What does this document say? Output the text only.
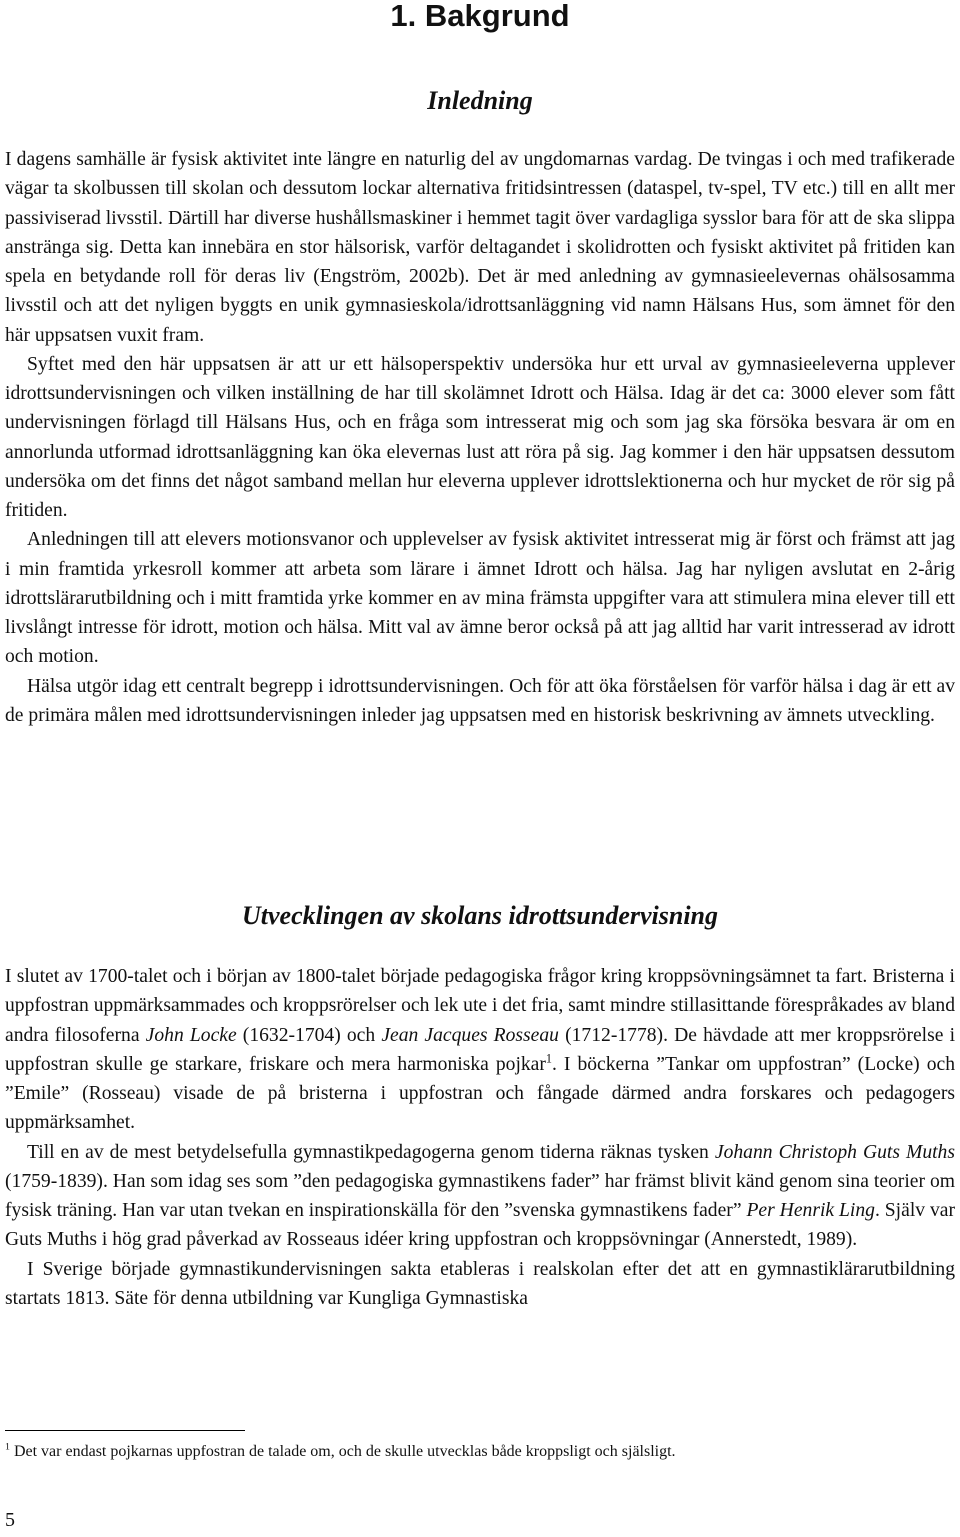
1. Bakgrund
Inledning

I dagens samhälle är fysisk aktivitet inte längre en naturlig del av ungdomarnas vardag. De tvingas i och med trafikerade vägar ta skolbussen till skolan och dessutom lockar alternativa fritidsintressen (dataspel, tv-spel, TV etc.) till en allt mer passiviserad livsstil. Därtill har diverse hushållsmaskiner i hemmet tagit över vardagliga sysslor bara för att de ska slippa anstränga sig. Detta kan innebära en stor hälsorisk, varför deltagandet i skolidrotten och fysiskt aktivitet på fritiden kan spela en betydande roll för deras liv (Engström, 2002b). Det är med anledning av gymnasieelevernas ohälsosamma livsstil och att det nyligen byggts en unik gymnasieskola/idrottsanläggning vid namn Hälsans Hus, som ämnet för den här uppsatsen vuxit fram.

Syftet med den här uppsatsen är att ur ett hälsoperspektiv undersöka hur ett urval av gymnasieeleverna upplever idrottsundervisningen och vilken inställning de har till skolämnet Idrott och Hälsa. Idag är det ca: 3000 elever som fått undervisningen förlagd till Hälsans Hus, och en fråga som intresserat mig och som jag ska försöka besvara är om en annorlunda utformad idrottsanläggning kan öka elevernas lust att röra på sig. Jag kommer i den här uppsatsen dessutom undersöka om det finns det något samband mellan hur eleverna upplever idrottslektionerna och hur mycket de rör sig på fritiden.

Anledningen till att elevers motionsvanor och upplevelser av fysisk aktivitet intresserat mig är först och främst att jag i min framtida yrkesroll kommer att arbeta som lärare i ämnet Idrott och hälsa. Jag har nyligen avslutat en 2-årig idrottslärarutbildning och i mitt framtida yrke kommer en av mina främsta uppgifter vara att stimulera mina elever till ett livslångt intresse för idrott, motion och hälsa. Mitt val av ämne beror också på att jag alltid har varit intresserad av idrott och motion.

Hälsa utgör idag ett centralt begrepp i idrottsundervisningen. Och för att öka förståelsen för varför hälsa i dag är ett av de primära målen med idrottsundervisningen inleder jag uppsatsen med en historisk beskrivning av ämnets utveckling.

Utvecklingen av skolans idrottsundervisning

I slutet av 1700-talet och i början av 1800-talet började pedagogiska frågor kring kroppsövningsämnet ta fart. Bristerna i uppfostran uppmärksammades och kroppsrörelser och lek ute i det fria, samt mindre stillasittande förespråkades av bland andra filosoferna John Locke (1632-1704) och Jean Jacques Rosseau (1712-1778). De hävdade att mer kroppsrörelse i uppfostran skulle ge starkare, friskare och mera harmoniska pojkar$^1$. I böckerna ”Tankar om uppfostran” (Locke) och ”Emile” (Rosseau) visade de på bristerna i uppfostran och fångade därmed andra forskares och pedagogers uppmärksamhet.

Till en av de mest betydelsefulla gymnastikpedagogerna genom tiderna räknas tysken Johann Christoph Guts Muths (1759-1839). Han som idag ses som ”den pedagogiska gymnastikens fader” har främst blivit känd genom sina teorier om fysisk träning. Han var utan tvekan en inspirationskälla för den ”svenska gymnastikens fader” Per Henrik Ling. Själv var Guts Muths i hög grad påverkad av Rosseaus idéer kring uppfostran och kroppsövningar (Annerstedt, 1989).

I Sverige började gymnastikundervisningen sakta etableras i realskolan efter det att en gymnastiklärarutbildning startats 1813. Säte för denna utbildning var Kungliga Gymnastiska

$^1$ Det var endast pojkarnas uppfostran de talade om, och de skulle utvecklas både kroppsligt och själsligt.

5
